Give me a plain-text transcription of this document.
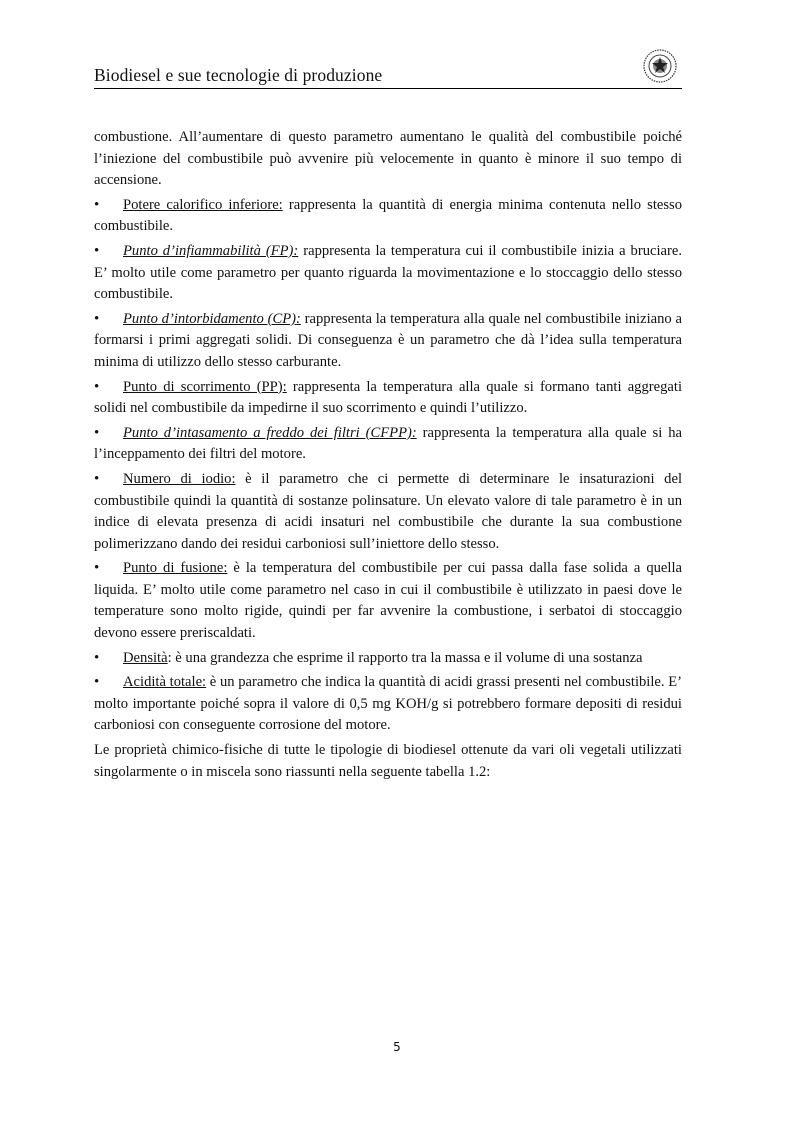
Biodiesel e sue tecnologie di produzione

combustione. All’aumentare di questo parametro aumentano le qualità del combustibile poiché l’iniezione del combustibile può avvenire più velocemente in quanto è minore il suo tempo di accensione.

•Potere calorifico inferiore: rappresenta la quantità di energia minima contenuta nello stesso combustibile.

•Punto d’infiammabilità (FP): rappresenta la temperatura cui il combustibile inizia a bruciare. E’ molto utile come parametro per quanto riguarda la movimentazione e lo stoccaggio dello stesso combustibile.

•Punto d’intorbidamento (CP): rappresenta la temperatura alla quale nel combustibile iniziano a formarsi i primi aggregati solidi. Di conseguenza è un parametro che dà l’idea sulla temperatura minima di utilizzo dello stesso carburante.

•Punto di scorrimento (PP): rappresenta la temperatura alla quale si formano tanti aggregati solidi nel combustibile da impedirne il suo scorrimento e quindi l’utilizzo.

•Punto d’intasamento a freddo dei filtri (CFPP): rappresenta la temperatura alla quale si ha l’inceppamento dei filtri del motore.

•Numero di iodio: è il parametro che ci permette di determinare le insaturazioni del combustibile quindi la quantità di sostanze polinsature. Un elevato valore di tale parametro è in un indice di elevata presenza di acidi insaturi nel combustibile che durante la sua combustione polimerizzano dando dei residui carboniosi sull’iniettore dello stesso.

•Punto di fusione: è la temperatura del combustibile per cui passa dalla fase solida a quella liquida. E’ molto utile come parametro nel caso in cui il combustibile è utilizzato in paesi dove le temperature sono molto rigide, quindi per far avvenire la combustione, i serbatoi di stoccaggio devono essere preriscaldati.

•Densità: è una grandezza che esprime il rapporto tra la massa e il volume di una sostanza

•Acidità totale: è un parametro che indica la quantità di acidi grassi presenti nel combustibile. E’ molto importante poiché sopra il valore di 0,5 mg KOH/g si potrebbero formare depositi di residui carboniosi con conseguente corrosione del motore.

Le proprietà chimico-fisiche di tutte le tipologie di biodiesel ottenute da vari oli vegetali utilizzati singolarmente o in miscela sono riassunti nella seguente tabella 1.2:

5
